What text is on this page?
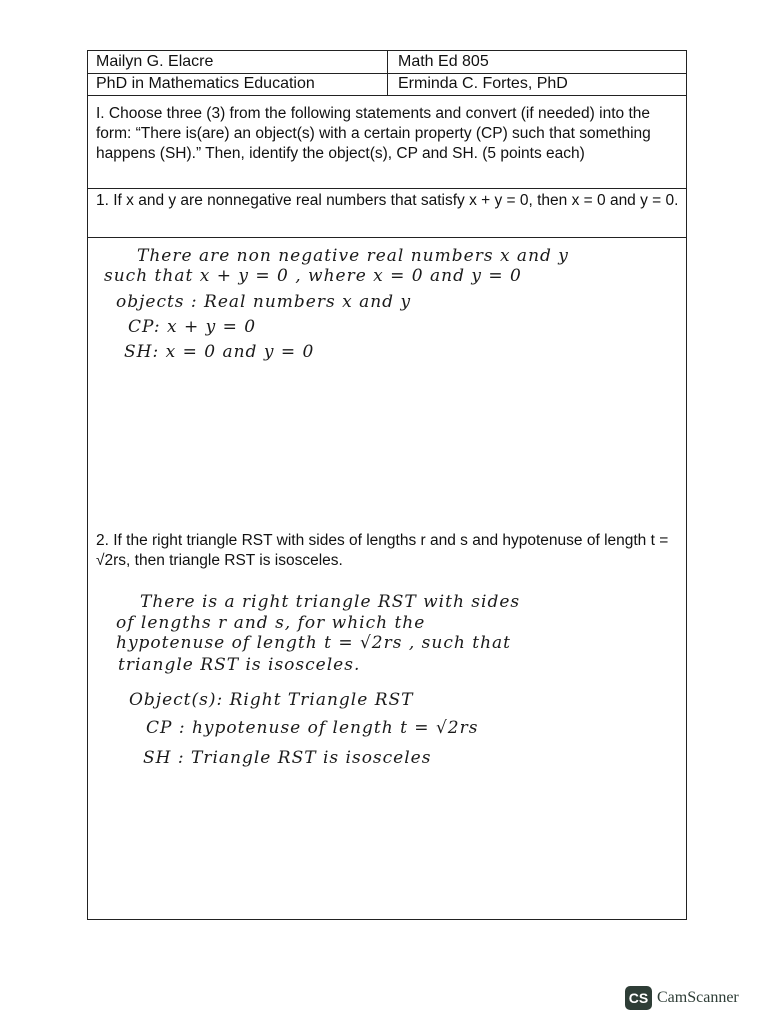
Mailyn G. Elacre	Math Ed 805
PhD in Mathematics Education	Erminda C. Fortes, PhD
I. Choose three (3) from the following statements and convert (if needed) into the form: “There is(are) an object(s) with a certain property (CP) such that something happens (SH).” Then, identify the object(s), CP and SH. (5 points each)
1. If x and y are nonnegative real numbers that satisfy x + y = 0, then x = 0 and y = 0.
2. If the right triangle RST with sides of lengths r and s and hypotenuse of length t = √2rs, then triangle RST is isosceles.
There are non negative real numbers x and y
such that x + y = 0 , where x = 0 and y = 0
objects : Real numbers x and y
CP: x + y = 0
SH: x = 0 and y = 0
There is a right triangle RST with sides
of lengths r and s, for which the
hypotenuse of length t = √2rs , such that
triangle RST is isosceles.
Object(s): Right Triangle RST
CP : hypotenuse of length t = √2rs
SH : Triangle RST is isosceles
CS CamScanner
